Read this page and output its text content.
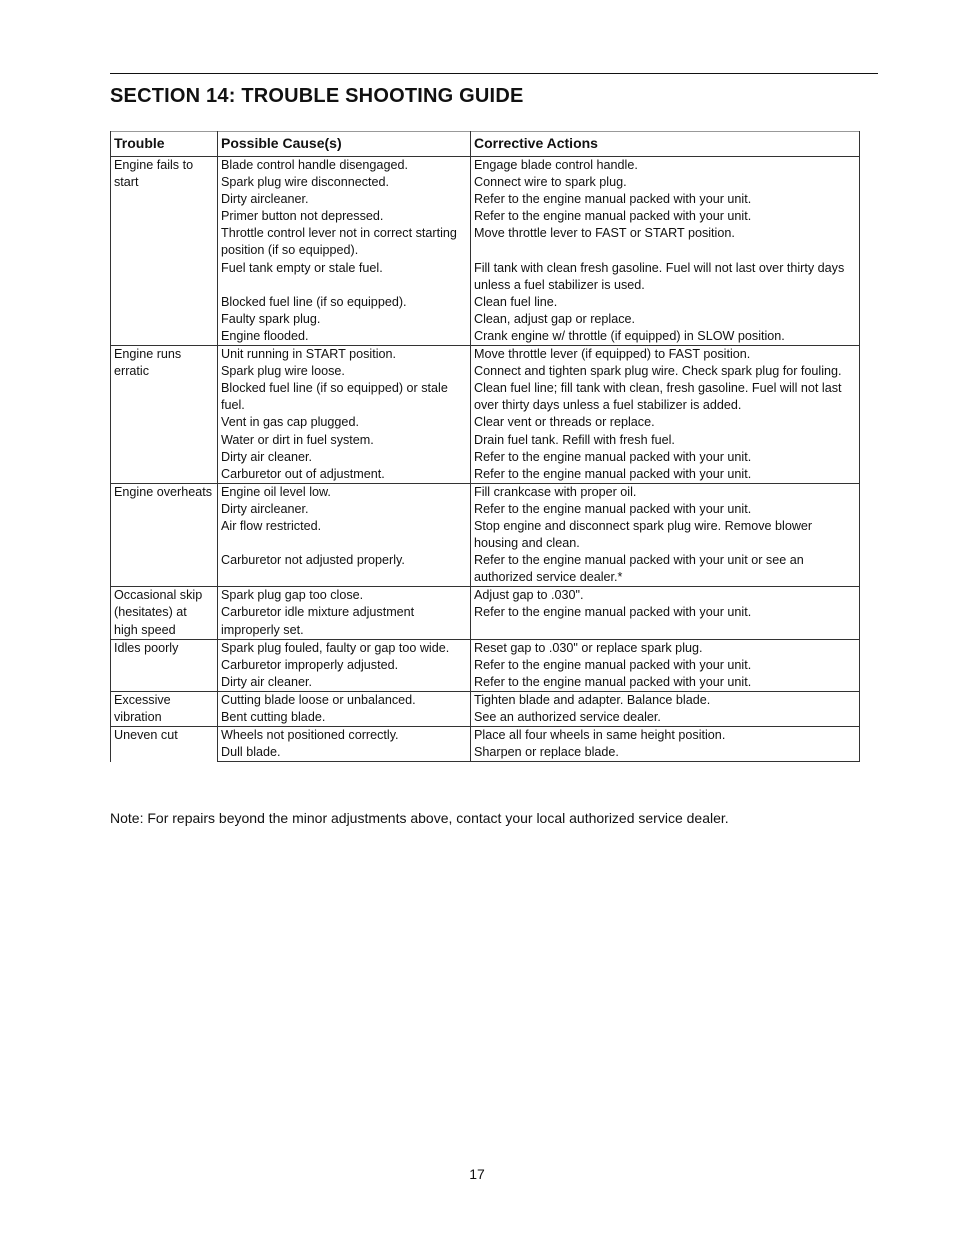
SECTION 14: TROUBLE SHOOTING GUIDE
Trouble	Possible Cause(s)	Corrective Actions
Engine fails to start	Blade control handle disengaged.	Engage blade control handle.
	Spark plug wire disconnected.	Connect wire to spark plug.
	Dirty aircleaner.	Refer to the engine manual packed with your unit.
	Primer button not depressed.	Refer to the engine manual packed with your unit.
	Throttle control lever not in correct starting position (if so equipped).	Move throttle lever to FAST or START position.
	Fuel tank empty or stale fuel.	Fill tank with clean fresh gasoline. Fuel will not last over thirty days unless a fuel stabilizer is used.
	Blocked fuel line (if so equipped).	Clean fuel line.
	Faulty spark plug.	Clean, adjust gap or replace.
	Engine flooded.	Crank engine w/ throttle (if equipped) in SLOW position.
Engine runs erratic	Unit running in START position.	Move throttle lever (if equipped) to FAST position.
	Spark plug wire loose.	Connect and tighten spark plug wire. Check spark plug for fouling.
	Blocked fuel line (if so equipped) or stale fuel.	Clean fuel line; fill tank with clean, fresh gasoline. Fuel will not last over thirty days unless a fuel stabilizer is added.
	Vent in gas cap plugged.	Clear vent or threads or replace.
	Water or dirt in fuel system.	Drain fuel tank. Refill with fresh fuel.
	Dirty air cleaner.	Refer to the engine manual packed with your unit.
	Carburetor out of adjustment.	Refer to the engine manual packed with your unit.
Engine overheats	Engine oil level low.	Fill crankcase with proper oil.
	Dirty aircleaner.	Refer to the engine manual packed with your unit.
	Air flow restricted.	Stop engine and disconnect spark plug wire. Remove blower housing and clean.
	Carburetor not adjusted properly.	Refer to the engine manual packed with your unit or see an authorized service dealer.*
Occasional skip (hesitates) at high speed	Spark plug gap too close.	Adjust gap to .030".
	Carburetor idle mixture adjustment improperly set.	Refer to the engine manual packed with your unit.
Idles poorly	Spark plug fouled, faulty or gap too wide.	Reset gap to .030" or replace spark plug.
	Carburetor improperly adjusted.	Refer to the engine manual packed with your unit.
	Dirty air cleaner.	Refer to the engine manual packed with your unit.
Excessive vibration	Cutting blade loose or unbalanced.	Tighten blade and adapter. Balance blade.
	Bent cutting blade.	See an authorized service dealer.
Uneven cut	Wheels not positioned correctly.	Place all four wheels in same height position.
	Dull blade.	Sharpen or replace blade.

Note: For repairs beyond the minor adjustments above, contact your local authorized service dealer.

17
